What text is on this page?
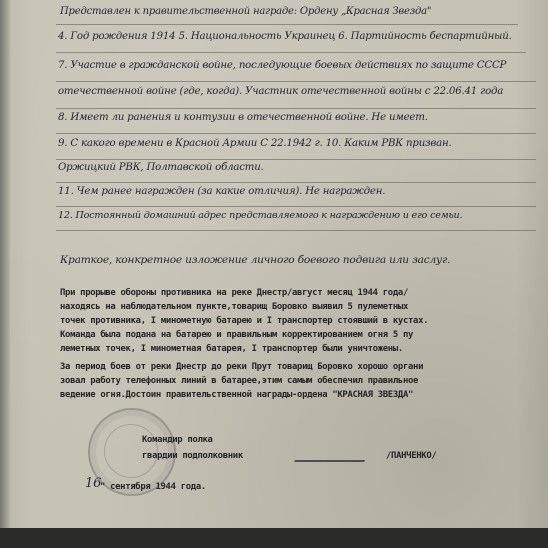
Представлен к правительственной награде: Ордену „Красная Звезда"
4. Год рождения 1914 5. Национальность Украинец 6. Партийность беспартийный.
7. Участие в гражданской войне, последующие боевых действиях по защите СССР
отечественной войне (где, когда). Участник отечественной войны с 22.06.41 года
8. Имеет ли ранения и контузии в отечественной войне. Не имеет.
9. С какого времени в Красной Армии С 22.1942 г. 10. Каким РВК призван.
Оржицкий РВК, Полтавской области.
11. Чем ранее награжден (за какие отличия). Не награжден.
12. Постоянный домашний адрес представляемого к награждению и его семьи.
Краткое, конкретное изложение личного боевого подвига или заслуг.
При прорыве обороны противника на реке Днестр/август месяц 1944 года/
находясь на наблюдательном пункте,товарищ Боровко выявил 5 пулеметных
точек противника, I минометную батарею и I транспортер стоявший в кустах.
Команда была подана на батарею и правильным корректированием огня 5 пу
леметных точек, I минометная батарея, I транспортер были уничтожены.
За период боев от реки Днестр до реки Прут товарищ Боровко хорошо органи
зовал работу телефонных линий в батарее,этим самым обеспечил правильное
ведение огня.Достоин правительственной награды-ордена "КРАСНАЯ ЗВЕЗДА"
Командир полка
гвардии подполковник	/ПАНЧЕНКО/
16
" сентября 1944 года.
